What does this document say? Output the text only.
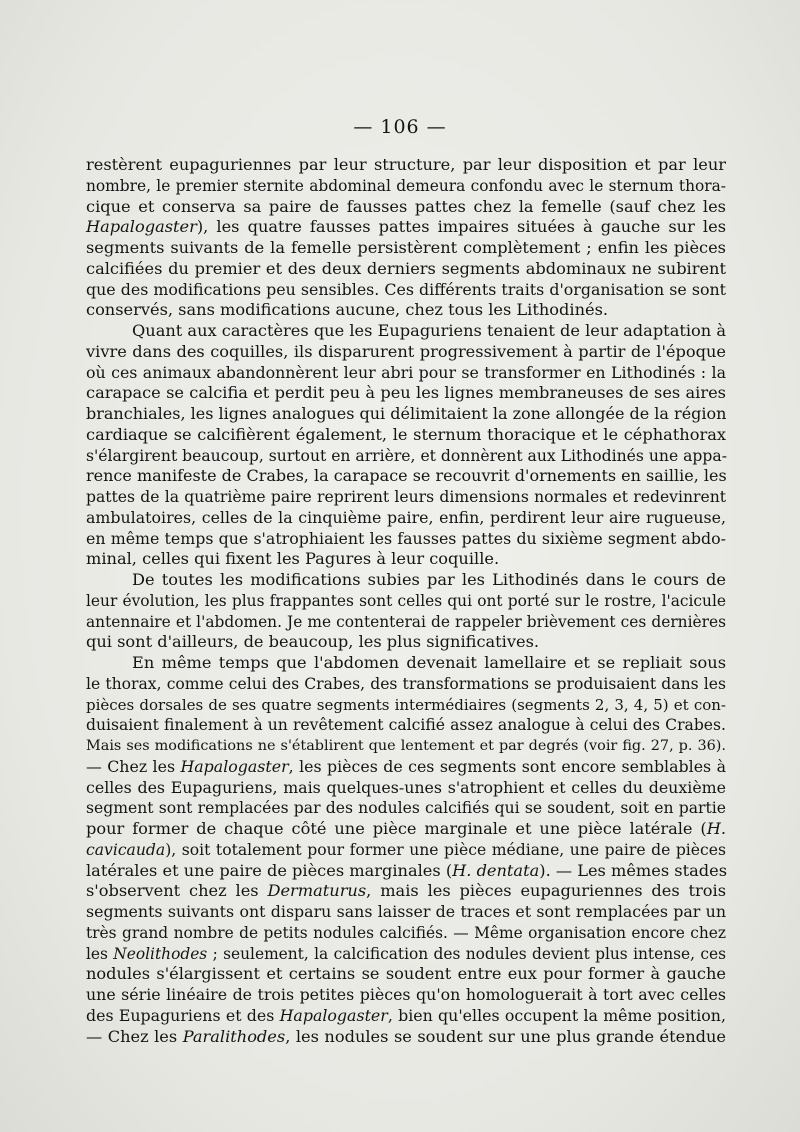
— 106 —
restèrent eupaguriennes par leur structure, par leur disposition et par leur
nombre, le premier sternite abdominal demeura confondu avec le sternum thora-
cique et conserva sa paire de fausses pattes chez la femelle (sauf chez les
Hapalogaster), les quatre fausses pattes impaires situées à gauche sur les
segments suivants de la femelle persistèrent complètement ; enfin les pièces
calcifiées du premier et des deux derniers segments abdominaux ne subirent
que des modifications peu sensibles. Ces différents traits d'organisation se sont
conservés, sans modifications aucune, chez tous les Lithodinés.
Quant aux caractères que les Eupaguriens tenaient de leur adaptation à
vivre dans des coquilles, ils disparurent progressivement à partir de l'époque
où ces animaux abandonnèrent leur abri pour se transformer en Lithodinés : la
carapace se calcifia et perdit peu à peu les lignes membraneuses de ses aires
branchiales, les lignes analogues qui délimitaient la zone allongée de la région
cardiaque se calcifièrent également, le sternum thoracique et le céphathorax
s'élargirent beaucoup, surtout en arrière, et donnèrent aux Lithodinés une appa-
rence manifeste de Crabes, la carapace se recouvrit d'ornements en saillie, les
pattes de la quatrième paire reprirent leurs dimensions normales et redevinrent
ambulatoires, celles de la cinquième paire, enfin, perdirent leur aire rugueuse,
en même temps que s'atrophiaient les fausses pattes du sixième segment abdo-
minal, celles qui fixent les Pagures à leur coquille.
De toutes les modifications subies par les Lithodinés dans le cours de
leur évolution, les plus frappantes sont celles qui ont porté sur le rostre, l'acicule
antennaire et l'abdomen. Je me contenterai de rappeler brièvement ces dernières
qui sont d'ailleurs, de beaucoup, les plus significatives.
En même temps que l'abdomen devenait lamellaire et se repliait sous
le thorax, comme celui des Crabes, des transformations se produisaient dans les
pièces dorsales de ses quatre segments intermédiaires (segments 2, 3, 4, 5) et con-
duisaient finalement à un revêtement calcifié assez analogue à celui des Crabes.
Mais ses modifications ne s'établirent que lentement et par degrés (voir fig. 27, p. 36).
— Chez les Hapalogaster, les pièces de ces segments sont encore semblables à
celles des Eupaguriens, mais quelques-unes s'atrophient et celles du deuxième
segment sont remplacées par des nodules calcifiés qui se soudent, soit en partie
pour former de chaque côté une pièce marginale et une pièce latérale (H.
cavicauda), soit totalement pour former une pièce médiane, une paire de pièces
latérales et une paire de pièces marginales (H. dentata). — Les mêmes stades
s'observent chez les Dermaturus, mais les pièces eupaguriennes des trois
segments suivants ont disparu sans laisser de traces et sont remplacées par un
très grand nombre de petits nodules calcifiés. — Même organisation encore chez
les Neolithodes ; seulement, la calcification des nodules devient plus intense, ces
nodules s'élargissent et certains se soudent entre eux pour former à gauche
une série linéaire de trois petites pièces qu'on homologuerait à tort avec celles
des Eupaguriens et des Hapalogaster, bien qu'elles occupent la même position,
— Chez les Paralithodes, les nodules se soudent sur une plus grande étendue
